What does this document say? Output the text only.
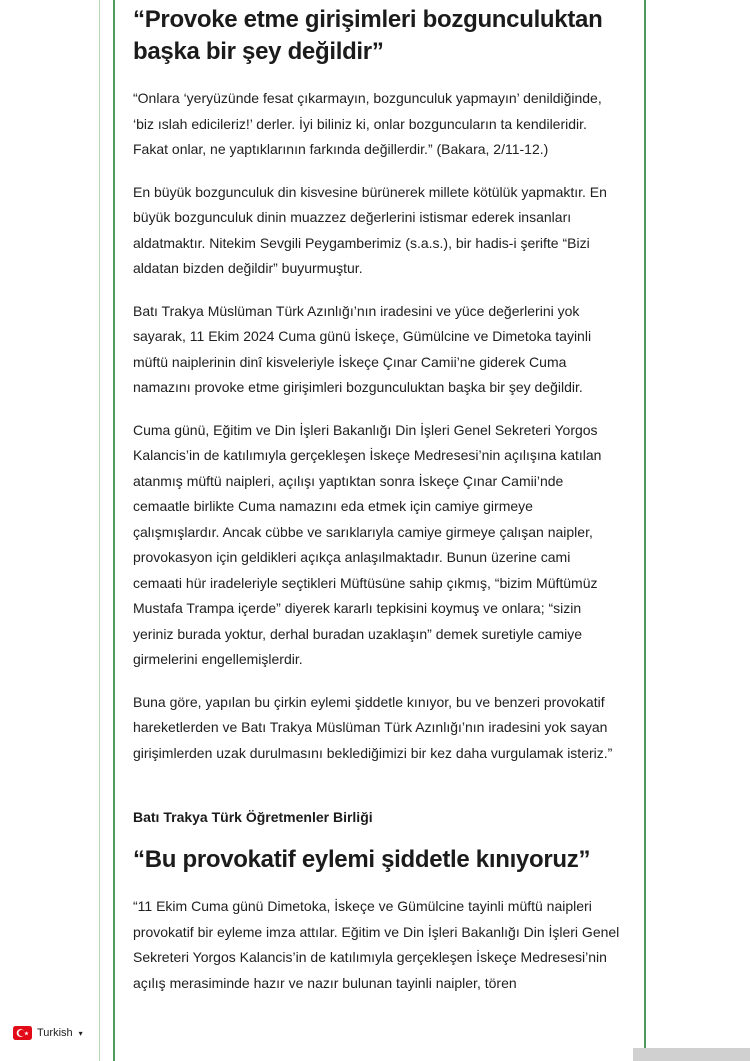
“Provoke etme girişimleri bozgunculuktan başka bir şey değildir”

“Onlara ‘yeryüzünde fesat çıkarmayın, bozgunculuk yapmayın’ denildiğinde, ‘biz ıslah edicileriz!’ derler. İyi biliniz ki, onlar bozguncuların ta kendileridir. Fakat onlar, ne yaptıklarının farkında değillerdir.” (Bakara, 2/11-12.)

En büyük bozgunculuk din kisvesine bürünerek millete kötülük yapmaktır. En büyük bozgunculuk dinin muazzez değerlerini istismar ederek insanları aldatmaktır. Nitekim Sevgili Peygamberimiz (s.a.s.), bir hadis-i şerifte “Bizi aldatan bizden değildir” buyurmuştur.

Batı Trakya Müslüman Türk Azınlığı’nın iradesini ve yüce değerlerini yok sayarak, 11 Ekim 2024 Cuma günü İskeçe, Gümülcine ve Dimetoka tayinli müftü naiplerinin dinî kisveleriyle İskeçe Çınar Camii’ne giderek Cuma namazını provoke etme girişimleri bozgunculuktan başka bir şey değildir.

Cuma günü, Eğitim ve Din İşleri Bakanlığı Din İşleri Genel Sekreteri Yorgos Kalancis’in de katılımıyla gerçekleşen İskeçe Medresesi’nin açılışına katılan atanmış müftü naipleri, açılışı yaptıktan sonra İskeçe Çınar Camii’nde cemaatle birlikte Cuma namazını eda etmek için camiye girmeye çalışmışlardır. Ancak cübbe ve sarıklarıyla camiye girmeye çalışan naipler, provokasyon için geldikleri açıkça anlaşılmaktadır. Bunun üzerine cami cemaati hür iradeleriyle seçtikleri Müftüsüne sahip çıkmış, “bizim Müftümüz Mustafa Trampa içerde” diyerek kararlı tepkisini koymuş ve onlara; “sizin yeriniz burada yoktur, derhal buradan uzaklaşın” demek suretiyle camiye girmelerini engellemişlerdir.

Buna göre, yapılan bu çirkin eylemi şiddetle kınıyor, bu ve benzeri provokatif hareketlerden ve Batı Trakya Müslüman Türk Azınlığı’nın iradesini yok sayan girişimlerden uzak durulmasını beklediğimizi bir kez daha vurgulamak isteriz.”

Batı Trakya Türk Öğretmenler Birliği

“Bu provokatif eylemi şiddetle kınıyoruz”

“11 Ekim Cuma günü Dimetoka, İskeçe ve Gümülcine tayinli müftü naipleri provokatif bir eyleme imza attılar. Eğitim ve Din İşleri Bakanlığı Din İşleri Genel Sekreteri Yorgos Kalancis’in de katılımıyla gerçekleşen İskeçe Medresesi’nin açılış merasiminde hazır ve nazır bulunan tayinli naipler, tören

Turkish ▾
